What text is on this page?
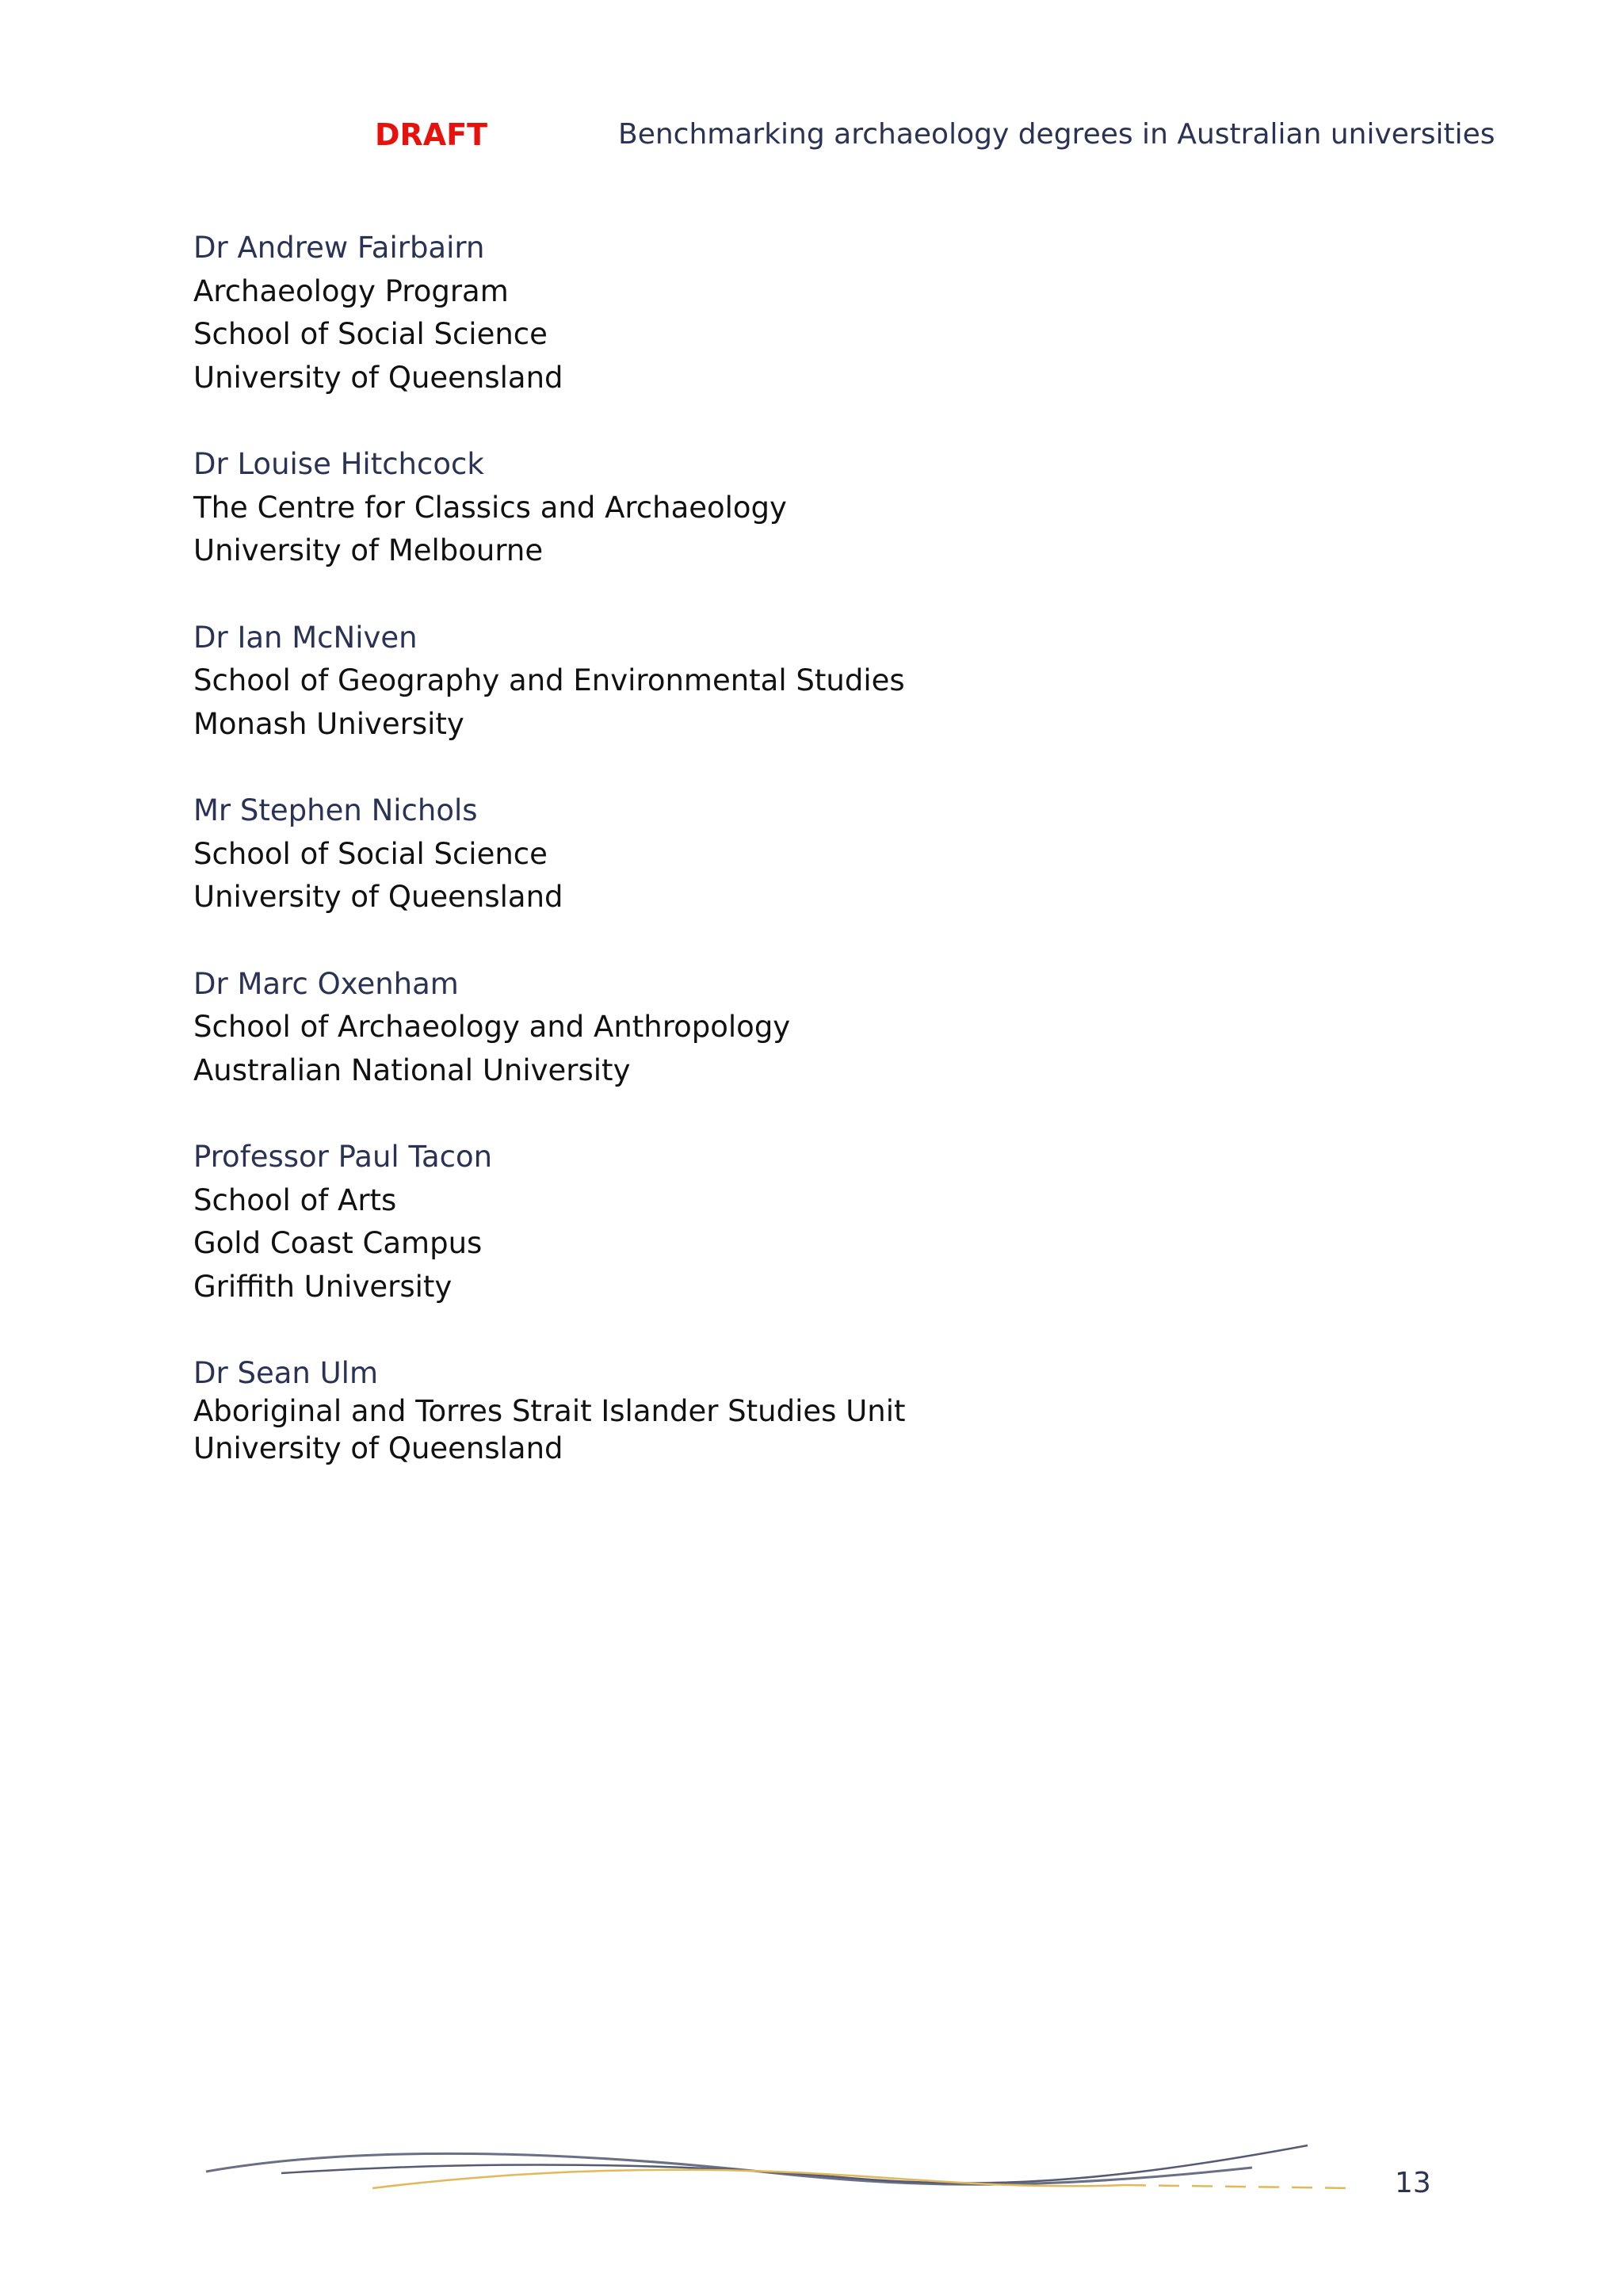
DRAFT	Benchmarking archaeology degrees in Australian universities
Dr Andrew Fairbairn
Archaeology Program
School of Social Science
University of Queensland
Dr Louise Hitchcock
The Centre for Classics and Archaeology
University of Melbourne
Dr Ian McNiven
School of Geography and Environmental Studies
Monash University
Mr Stephen Nichols
School of Social Science
University of Queensland
Dr Marc Oxenham
School of Archaeology and Anthropology
Australian National University
Professor Paul Tacon
School of Arts
Gold Coast Campus
Griffith University
Dr Sean Ulm
Aboriginal and Torres Strait Islander Studies Unit
University of Queensland
13
